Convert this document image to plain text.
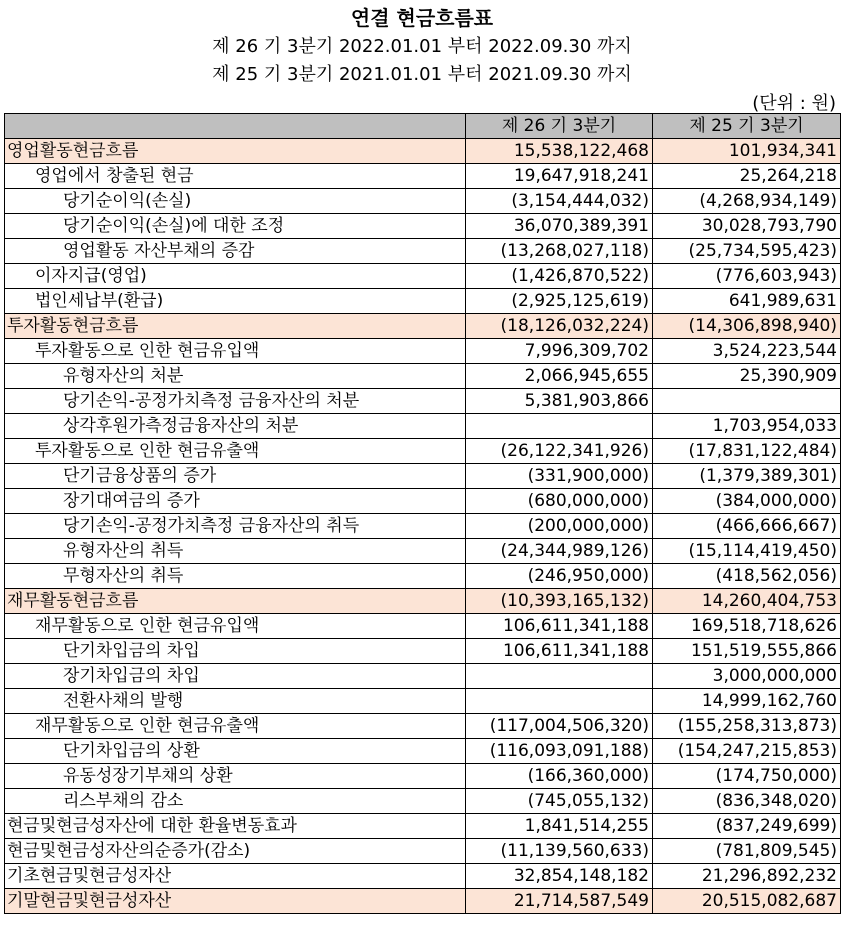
연결 현금흐름표
제 26 기 3분기 2022.01.01 부터 2022.09.30 까지
제 25 기 3분기 2021.01.01 부터 2021.09.30 까지
(단위 : 원)
	제 26 기 3분기	제 25 기 3분기
영업활동현금흐름	15,538,122,468	101,934,341
영업에서 창출된 현금	19,647,918,241	25,264,218
당기순이익(손실)	(3,154,444,032)	(4,268,934,149)
당기순이익(손실)에 대한 조정	36,070,389,391	30,028,793,790
영업활동 자산부채의 증감	(13,268,027,118)	(25,734,595,423)
이자지급(영업)	(1,426,870,522)	(776,603,943)
법인세납부(환급)	(2,925,125,619)	641,989,631
투자활동현금흐름	(18,126,032,224)	(14,306,898,940)
투자활동으로 인한 현금유입액	7,996,309,702	3,524,223,544
유형자산의 처분	2,066,945,655	25,390,909
당기손익-공정가치측정 금융자산의 처분	5,381,903,866	
상각후원가측정금융자산의 처분		1,703,954,033
투자활동으로 인한 현금유출액	(26,122,341,926)	(17,831,122,484)
단기금융상품의 증가	(331,900,000)	(1,379,389,301)
장기대여금의 증가	(680,000,000)	(384,000,000)
당기손익-공정가치측정 금융자산의 취득	(200,000,000)	(466,666,667)
유형자산의 취득	(24,344,989,126)	(15,114,419,450)
무형자산의 취득	(246,950,000)	(418,562,056)
재무활동현금흐름	(10,393,165,132)	14,260,404,753
재무활동으로 인한 현금유입액	106,611,341,188	169,518,718,626
단기차입금의 차입	106,611,341,188	151,519,555,866
장기차입금의 차입		3,000,000,000
전환사채의 발행		14,999,162,760
재무활동으로 인한 현금유출액	(117,004,506,320)	(155,258,313,873)
단기차입금의 상환	(116,093,091,188)	(154,247,215,853)
유동성장기부채의 상환	(166,360,000)	(174,750,000)
리스부채의 감소	(745,055,132)	(836,348,020)
현금및현금성자산에 대한 환율변동효과	1,841,514,255	(837,249,699)
현금및현금성자산의순증가(감소)	(11,139,560,633)	(781,809,545)
기초현금및현금성자산	32,854,148,182	21,296,892,232
기말현금및현금성자산	21,714,587,549	20,515,082,687
